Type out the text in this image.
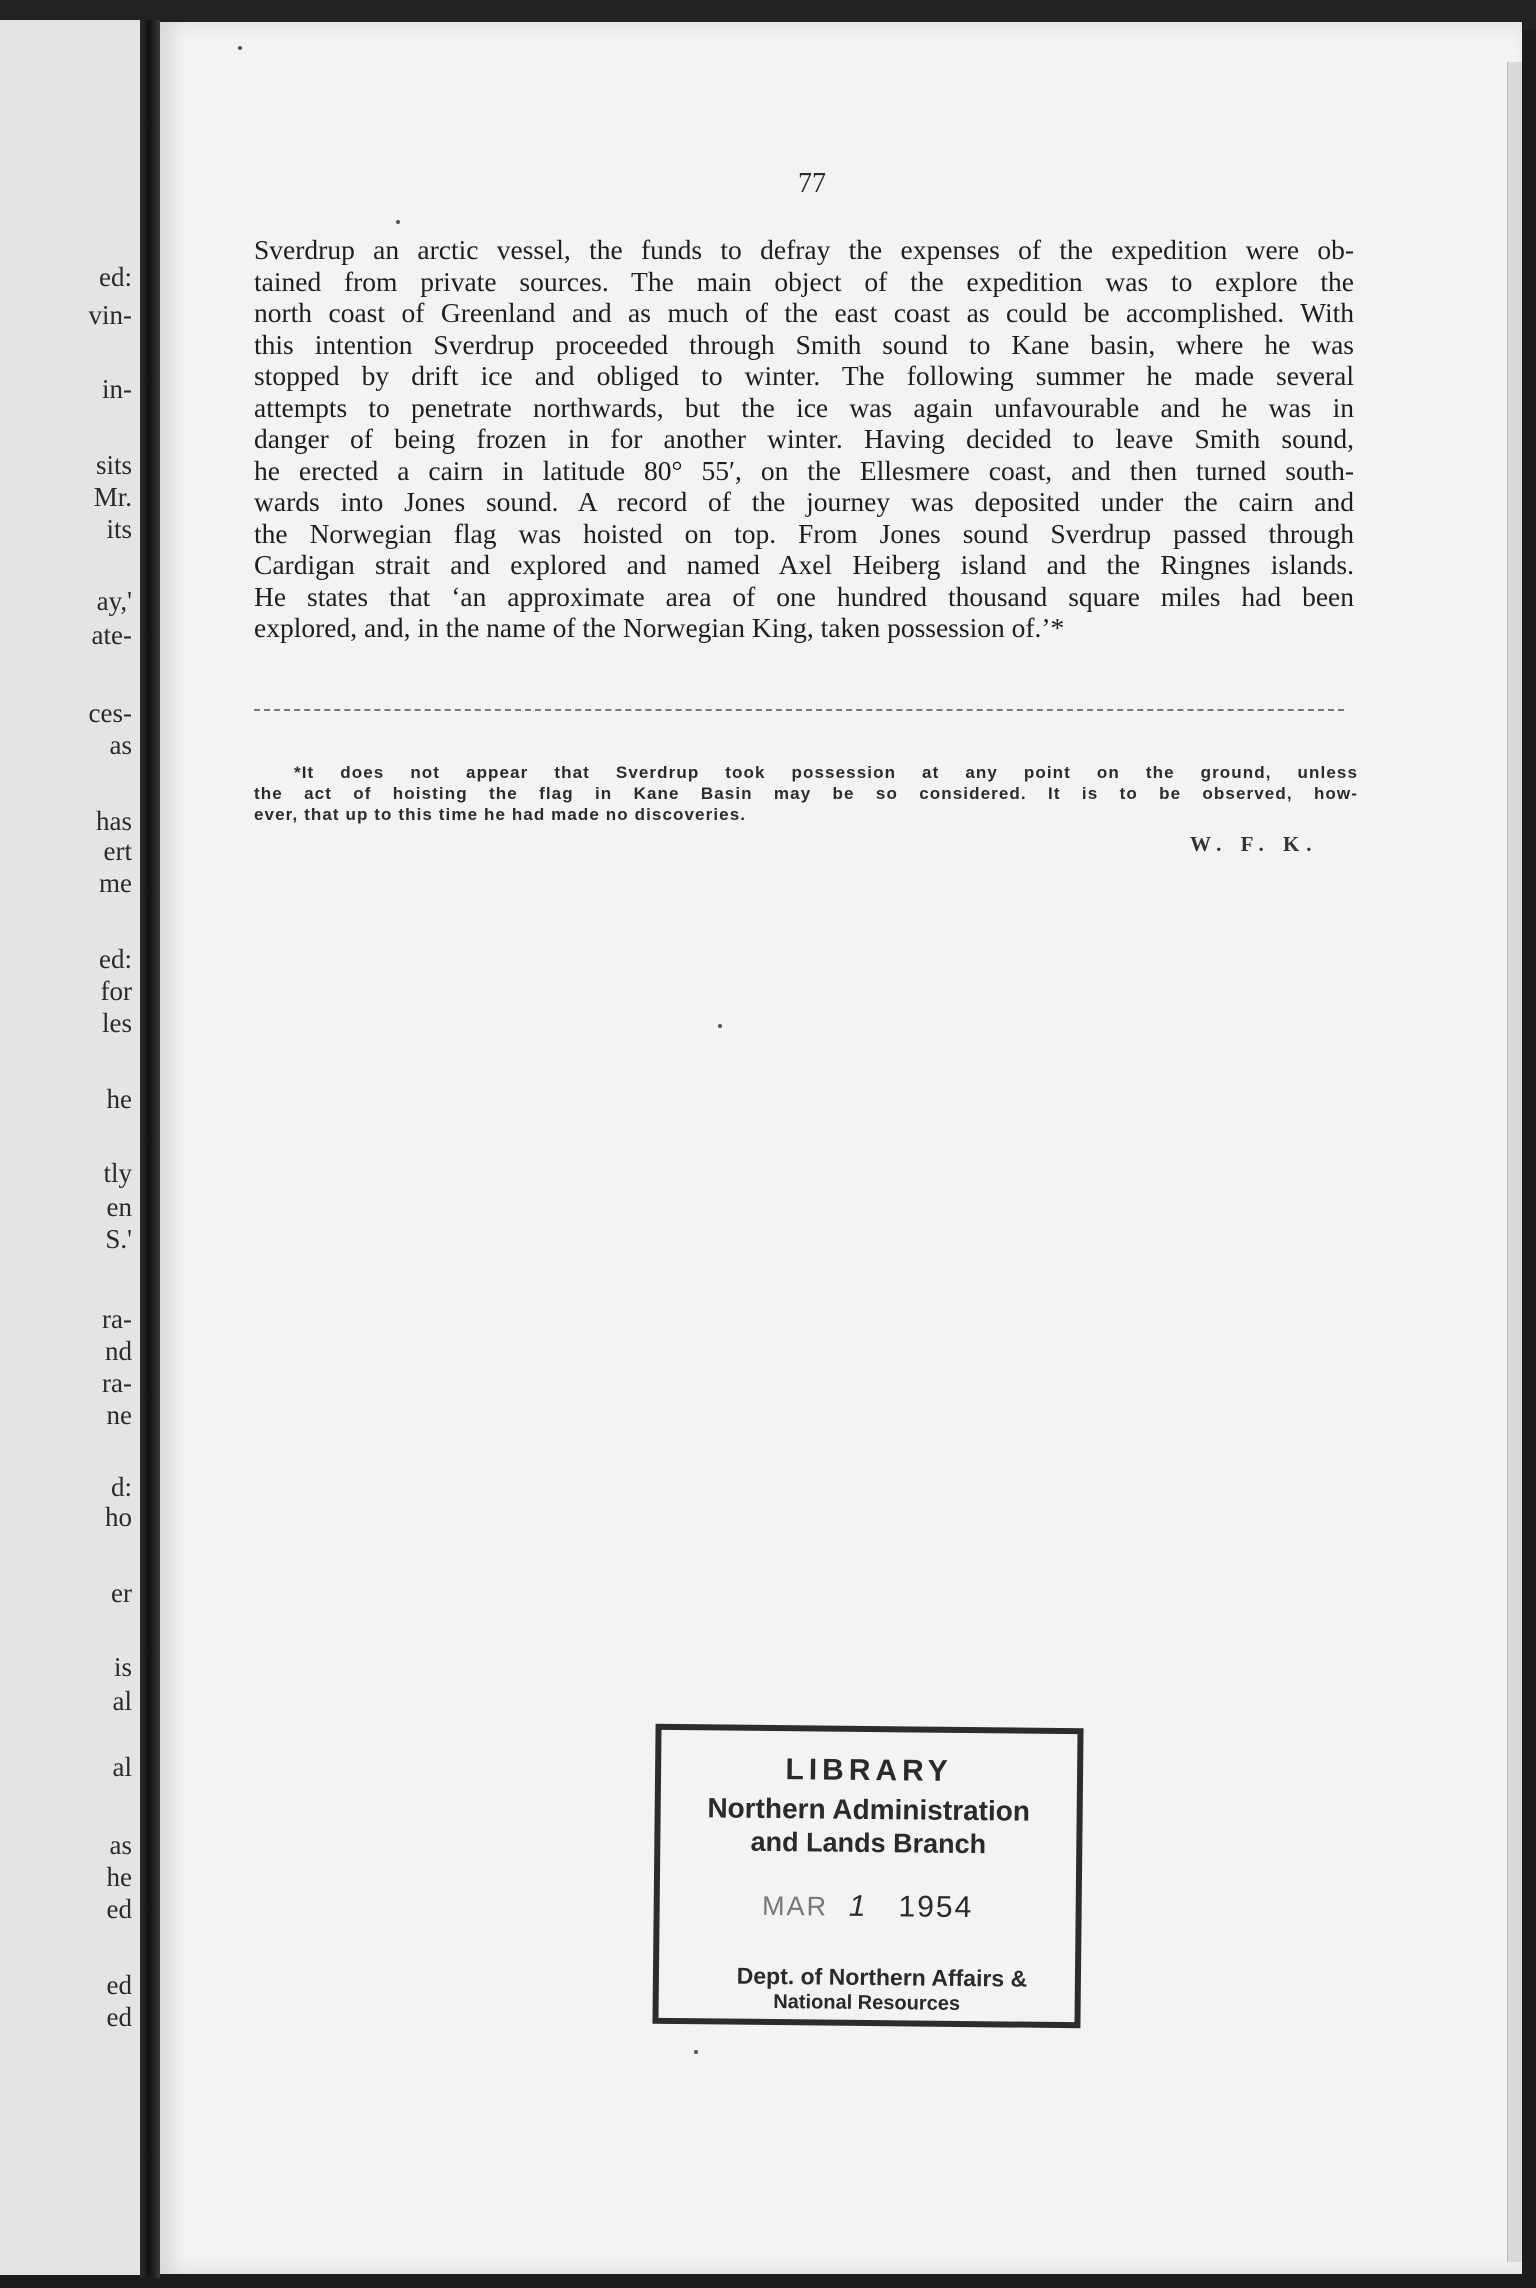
ed:
vin-
in-
sits
Mr.
its
ay,'
ate-
ces-
as
has
ert
me
ed:
for
les
he
tly
en
S.'
ra-
nd
ra-
ne
d:
ho
er
is
al
al
as
he
ed
ed
ed
77
Sverdrup an arctic vessel, the funds to defray the expenses of the expedition were ob-
tained from private sources. The main object of the expedition was to explore the
north coast of Greenland and as much of the east coast as could be accomplished. With
this intention Sverdrup proceeded through Smith sound to Kane basin, where he was
stopped by drift ice and obliged to winter. The following summer he made several
attempts to penetrate northwards, but the ice was again unfavourable and he was in
danger of being frozen in for another winter. Having decided to leave Smith sound,
he erected a cairn in latitude 80° 55′, on the Ellesmere coast, and then turned south-
wards into Jones sound. A record of the journey was deposited under the cairn and
the Norwegian flag was hoisted on top. From Jones sound Sverdrup passed through
Cardigan strait and explored and named Axel Heiberg island and the Ringnes islands.
He states that ‘an approximate area of one hundred thousand square miles had been
explored, and, in the name of the Norwegian King, taken possession of.’*
*It does not appear that Sverdrup took possession at any point on the ground, unless
the act of hoisting the flag in Kane Basin may be so considered. It is to be observed, how-
ever, that up to this time he had made no discoveries.
W. F. K.
LIBRARY
Northern Administration
and Lands Branch
MAR 1 1954
Dept. of Northern Affairs &
National Resources
